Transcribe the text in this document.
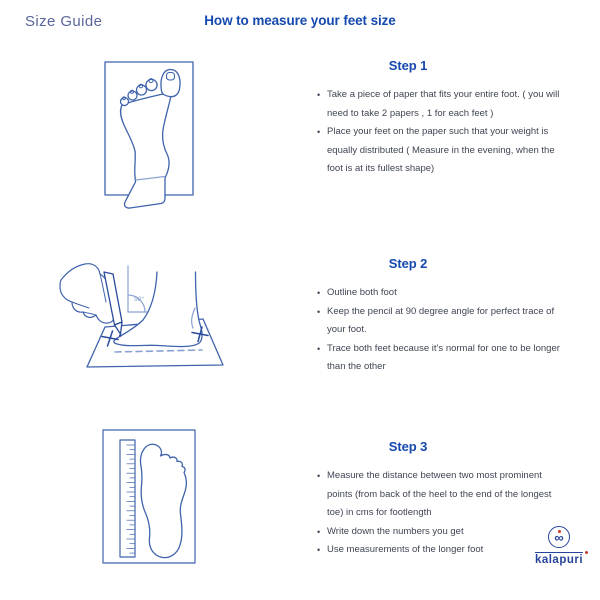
Size Guide	How to measure your feet size
Step 1
• Take a piece of paper that fits your entire foot. ( you will need to take 2 papers , 1 for each feet )
• Place your feet on the paper such that your weight is equally distributed ( Measure in the evening, when the foot is at its fullest shape)
90°
Step 2
• Outline both foot
• Keep the pencil at 90 degree angle for perfect trace of your foot.
• Trace both feet because it’s normal for one to be longer than the other
Step 3
• Measure the distance between two most prominent points (from back of the heel to the end of the longest toe) in cms for footlength
• Write down the numbers you get
• Use measurements of the longer foot
∞
kalapuri
